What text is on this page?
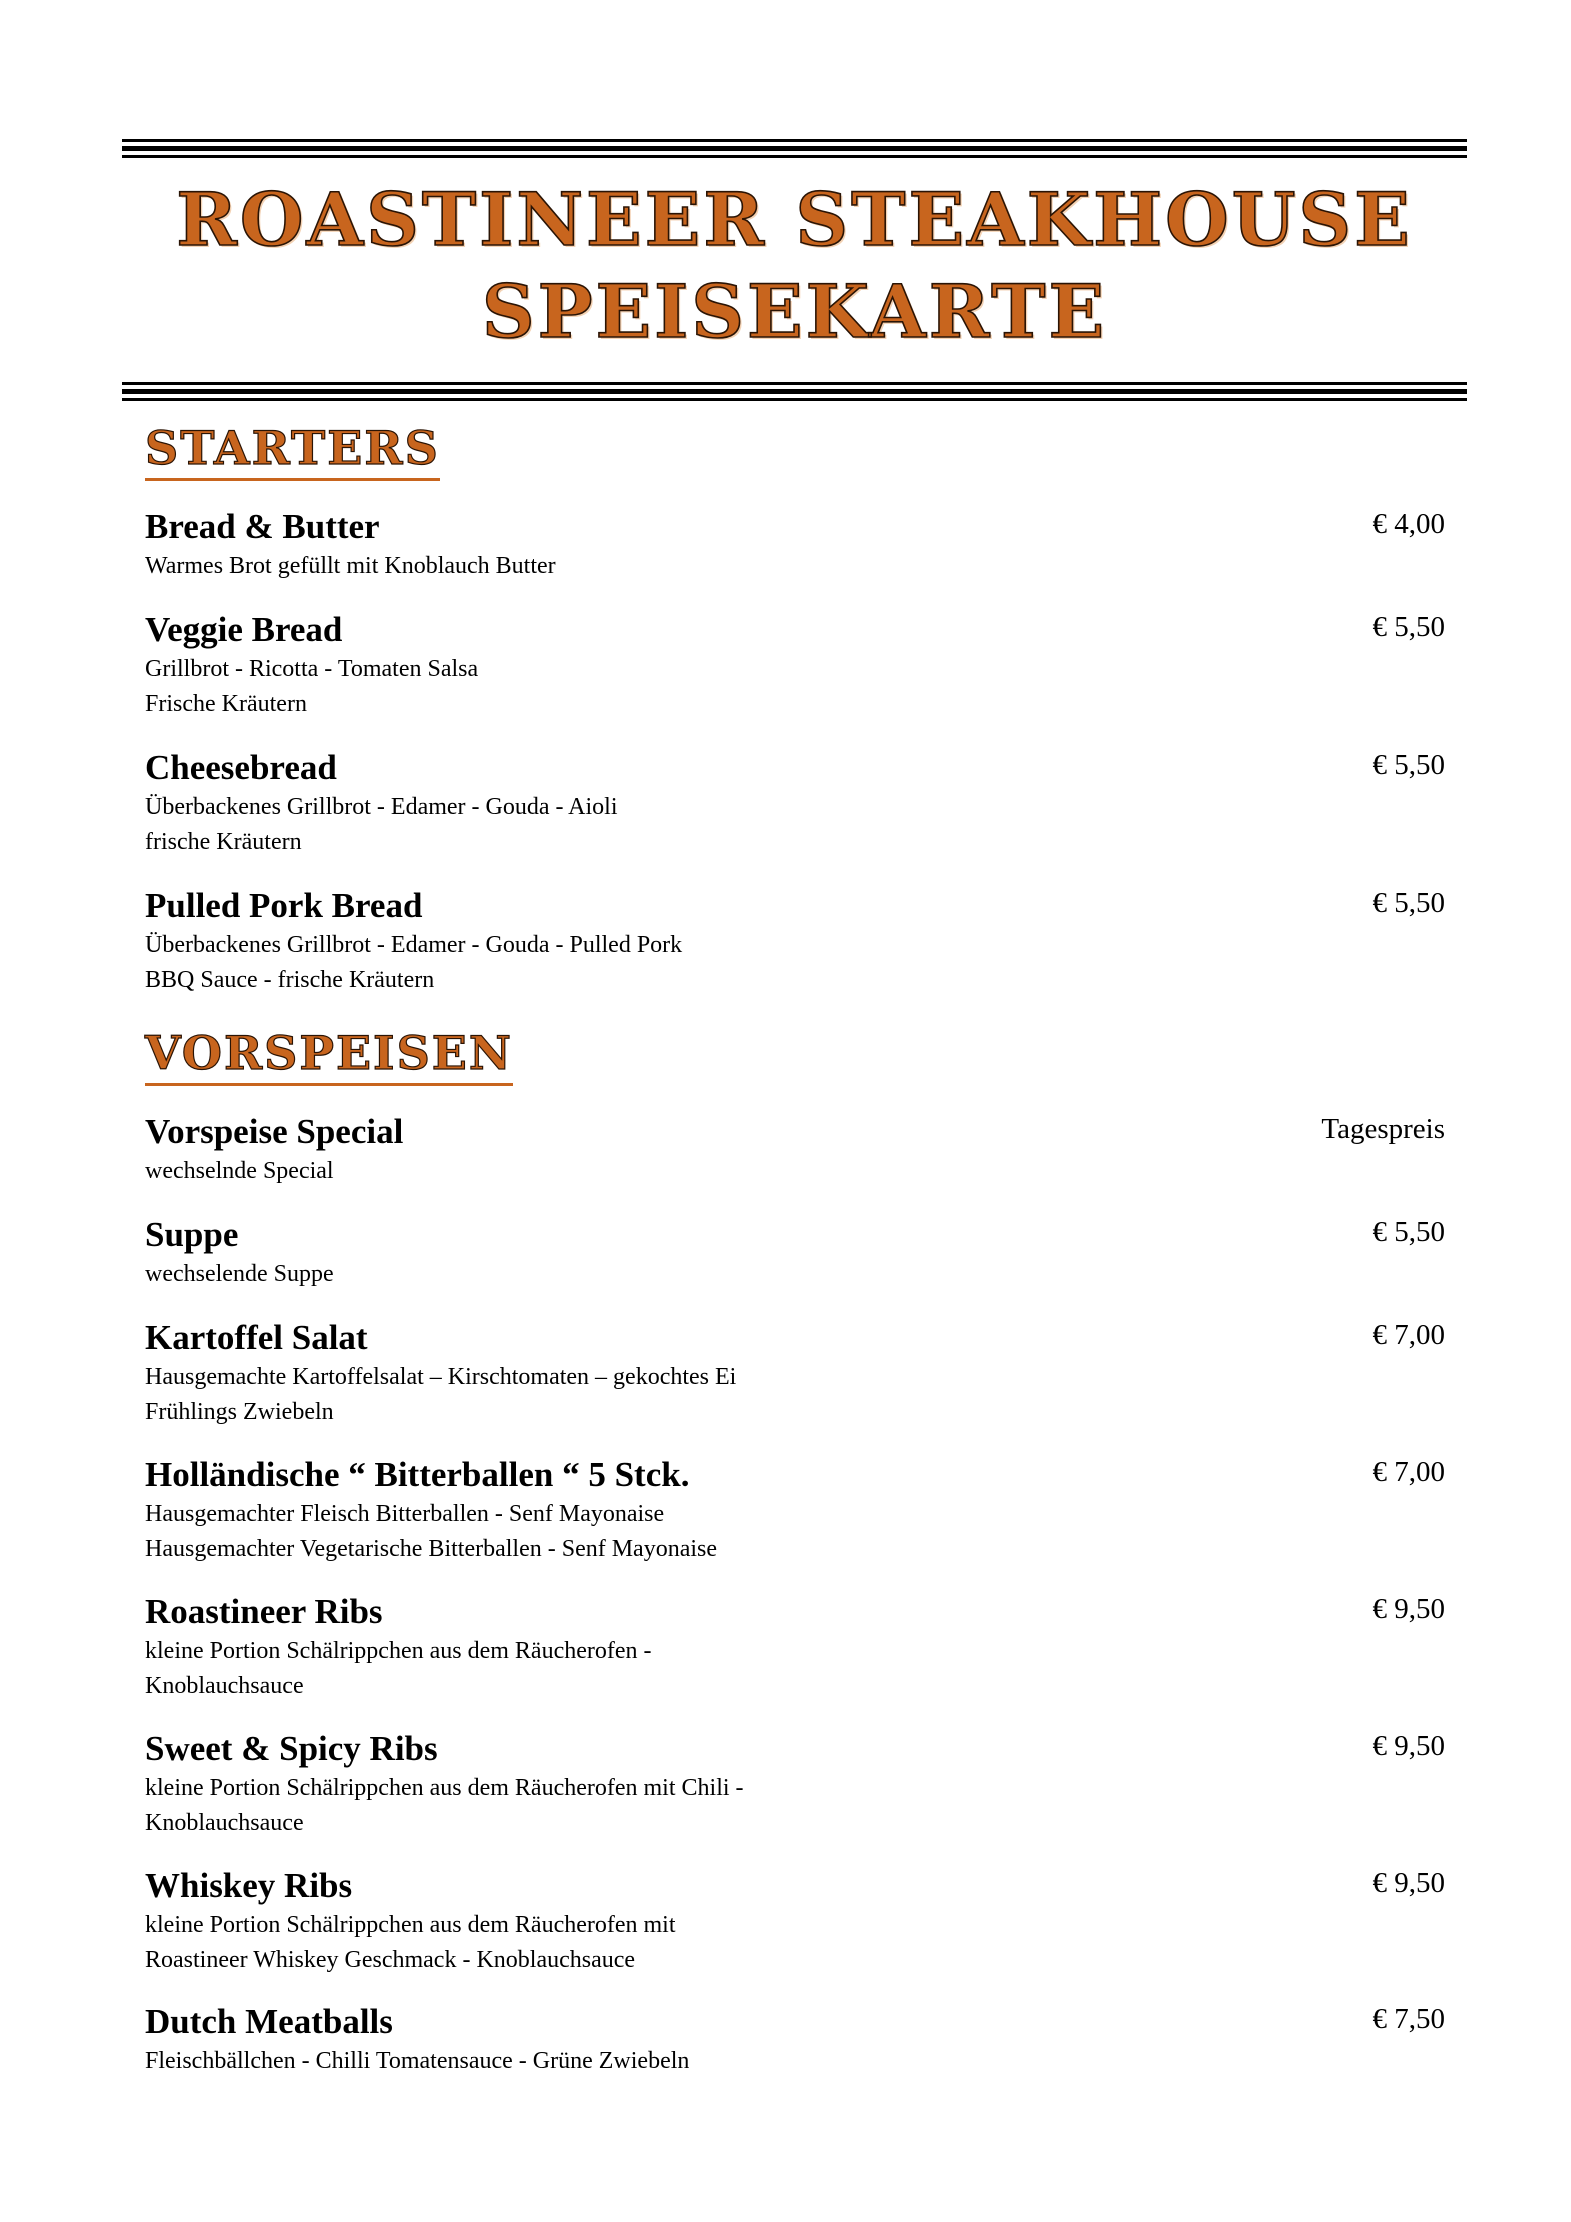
ROASTINEER STEAKHOUSE
SPEISEKARTE
STARTERS
Bread & Butter	€ 4,00
Warmes Brot gefüllt mit Knoblauch Butter
Veggie Bread	€ 5,50
Grillbrot - Ricotta - Tomaten Salsa
Frische Kräutern
Cheesebread	€ 5,50
Überbackenes Grillbrot - Edamer - Gouda - Aioli
frische Kräutern
Pulled Pork Bread	€ 5,50
Überbackenes Grillbrot - Edamer - Gouda - Pulled Pork
BBQ Sauce - frische Kräutern
VORSPEISEN
Vorspeise Special	Tagespreis
wechselnde Special
Suppe	€ 5,50
wechselende Suppe
Kartoffel Salat	€ 7,00
Hausgemachte Kartoffelsalat – Kirschtomaten – gekochtes Ei
Frühlings Zwiebeln
Holländische “ Bitterballen “ 5 Stck.	€ 7,00
Hausgemachter Fleisch Bitterballen - Senf Mayonaise
Hausgemachter Vegetarische Bitterballen - Senf Mayonaise
Roastineer Ribs	€ 9,50
kleine Portion Schälrippchen aus dem Räucherofen -
Knoblauchsauce
Sweet & Spicy Ribs	€ 9,50
kleine Portion Schälrippchen aus dem Räucherofen mit Chili -
Knoblauchsauce
Whiskey Ribs	€ 9,50
kleine Portion Schälrippchen aus dem Räucherofen mit
Roastineer Whiskey Geschmack - Knoblauchsauce
Dutch Meatballs	€ 7,50
Fleischbällchen - Chilli Tomatensauce - Grüne Zwiebeln
